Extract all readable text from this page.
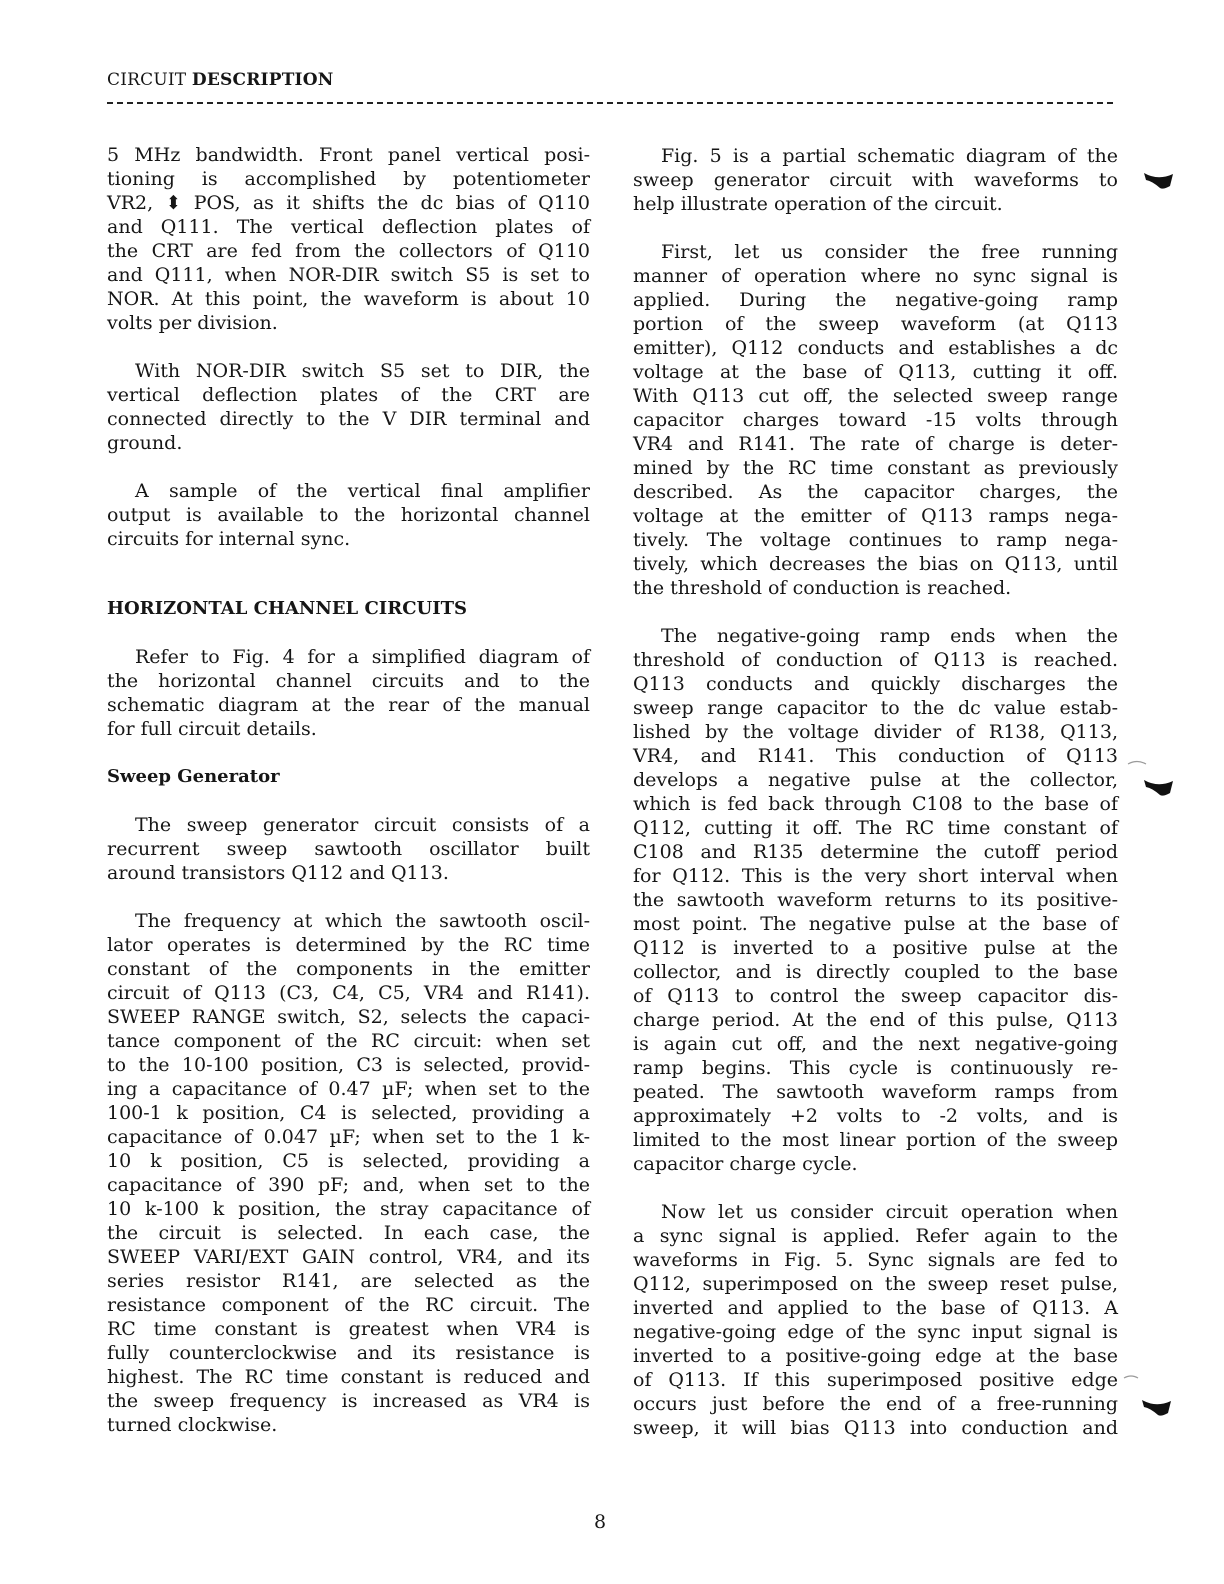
CIRCUIT DESCRIPTION
5 MHz bandwidth. Front panel vertical posi-
tioning is accomplished by potentiometer
VR2, ⬍ POS, as it shifts the dc bias of Q110
and Q111. The vertical deflection plates of
the CRT are fed from the collectors of Q110
and Q111, when NOR-DIR switch S5 is set to
NOR. At this point, the waveform is about 10
volts per division.
With NOR-DIR switch S5 set to DIR, the
vertical deflection plates of the CRT are
connected directly to the V DIR terminal and
ground.
A sample of the vertical final amplifier
output is available to the horizontal channel
circuits for internal sync.
HORIZONTAL CHANNEL CIRCUITS
Refer to Fig. 4 for a simplified diagram of
the horizontal channel circuits and to the
schematic diagram at the rear of the manual
for full circuit details.
Sweep Generator
The sweep generator circuit consists of a
recurrent sweep sawtooth oscillator built
around transistors Q112 and Q113.
The frequency at which the sawtooth oscil-
lator operates is determined by the RC time
constant of the components in the emitter
circuit of Q113 (C3, C4, C5, VR4 and R141).
SWEEP RANGE switch, S2, selects the capaci-
tance component of the RC circuit: when set
to the 10-100 position, C3 is selected, provid-
ing a capacitance of 0.47 µF; when set to the
100-1 k position, C4 is selected, providing a
capacitance of 0.047 µF; when set to the 1 k-
10 k position, C5 is selected, providing a
capacitance of 390 pF; and, when set to the
10 k-100 k position, the stray capacitance of
the circuit is selected. In each case, the
SWEEP VARI/EXT GAIN control, VR4, and its
series resistor R141, are selected as the
resistance component of the RC circuit. The
RC time constant is greatest when VR4 is
fully counterclockwise and its resistance is
highest. The RC time constant is reduced and
the sweep frequency is increased as VR4 is
turned clockwise.
Fig. 5 is a partial schematic diagram of the
sweep generator circuit with waveforms to
help illustrate operation of the circuit.
First, let us consider the free running
manner of operation where no sync signal is
applied. During the negative-going ramp
portion of the sweep waveform (at Q113
emitter), Q112 conducts and establishes a dc
voltage at the base of Q113, cutting it off.
With Q113 cut off, the selected sweep range
capacitor charges toward -15 volts through
VR4 and R141. The rate of charge is deter-
mined by the RC time constant as previously
described. As the capacitor charges, the
voltage at the emitter of Q113 ramps nega-
tively. The voltage continues to ramp nega-
tively, which decreases the bias on Q113, until
the threshold of conduction is reached.
The negative-going ramp ends when the
threshold of conduction of Q113 is reached.
Q113 conducts and quickly discharges the
sweep range capacitor to the dc value estab-
lished by the voltage divider of R138, Q113,
VR4, and R141. This conduction of Q113
develops a negative pulse at the collector,
which is fed back through C108 to the base of
Q112, cutting it off. The RC time constant of
C108 and R135 determine the cutoff period
for Q112. This is the very short interval when
the sawtooth waveform returns to its positive-
most point. The negative pulse at the base of
Q112 is inverted to a positive pulse at the
collector, and is directly coupled to the base
of Q113 to control the sweep capacitor dis-
charge period. At the end of this pulse, Q113
is again cut off, and the next negative-going
ramp begins. This cycle is continuously re-
peated. The sawtooth waveform ramps from
approximately +2 volts to -2 volts, and is
limited to the most linear portion of the sweep
capacitor charge cycle.
Now let us consider circuit operation when
a sync signal is applied. Refer again to the
waveforms in Fig. 5. Sync signals are fed to
Q112, superimposed on the sweep reset pulse,
inverted and applied to the base of Q113. A
negative-going edge of the sync input signal is
inverted to a positive-going edge at the base
of Q113. If this superimposed positive edge
occurs just before the end of a free-running
sweep, it will bias Q113 into conduction and
8
